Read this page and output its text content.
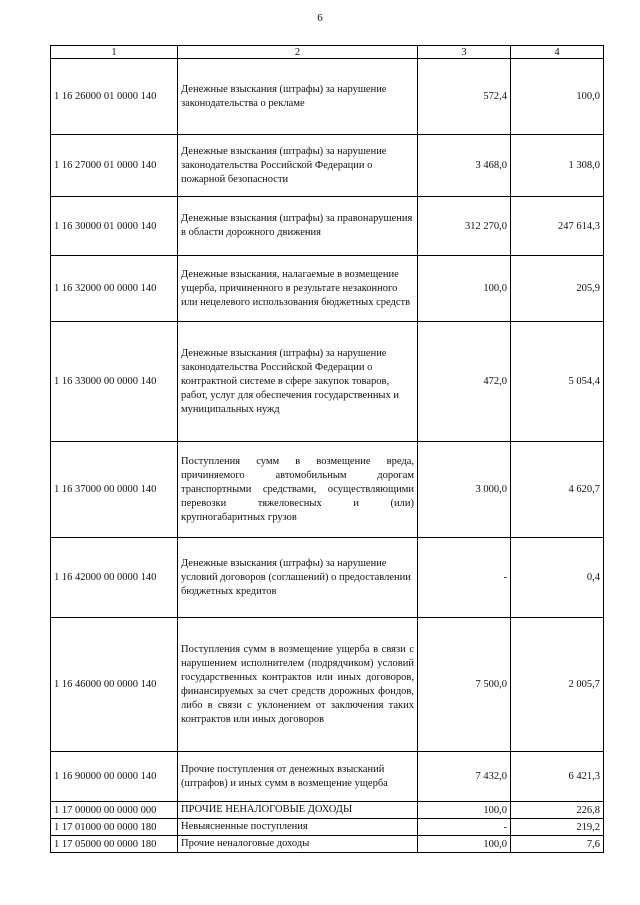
6
1	2	3	4
1 16 26000 01 0000 140	Денежные взыскания (штрафы) за нарушение законодательства о рекламе	572,4	100,0
1 16 27000 01 0000 140	Денежные взыскания (штрафы) за нарушение законодательства Российской Федерации о пожарной безопасности	3 468,0	1 308,0
1 16 30000 01 0000 140	Денежные взыскания (штрафы) за правонарушения в области дорожного движения	312 270,0	247 614,3
1 16 32000 00 0000 140	Денежные взыскания, налагаемые в возмещение ущерба, причиненного в результате незаконного или нецелевого использования бюджетных средств	100,0	205,9
1 16 33000 00 0000 140	Денежные взыскания (штрафы) за нарушение законодательства Российской Федерации о контрактной системе в сфере закупок товаров, работ, услуг для обеспечения государственных и муниципальных нужд	472,0	5 054,4
1 16 37000 00 0000 140	Поступления сумм в возмещение вреда, причиняемого автомобильным дорогам транспортными средствами, осуществляющими перевозки тяжеловесных и (или) крупногабаритных грузов	3 000,0	4 620,7
1 16 42000 00 0000 140	Денежные взыскания (штрафы) за нарушение условий договоров (соглашений) о предоставлении бюджетных кредитов	-	0,4
1 16 46000 00 0000 140	Поступления сумм в возмещение ущерба в связи с нарушением исполнителем (подрядчиком) условий государственных контрактов или иных договоров, финансируемых за счет средств дорожных фондов, либо в связи с уклонением от заключения таких контрактов или иных договоров	7 500,0	2 005,7
1 16 90000 00 0000 140	Прочие поступления от денежных взысканий (штрафов) и иных сумм в возмещение ущерба	7 432,0	6 421,3
1 17 00000 00 0000 000	ПРОЧИЕ НЕНАЛОГОВЫЕ ДОХОДЫ	100,0	226,8
1 17 01000 00 0000 180	Невыясненные поступления	-	219,2
1 17 05000 00 0000 180	Прочие неналоговые доходы	100,0	7,6
